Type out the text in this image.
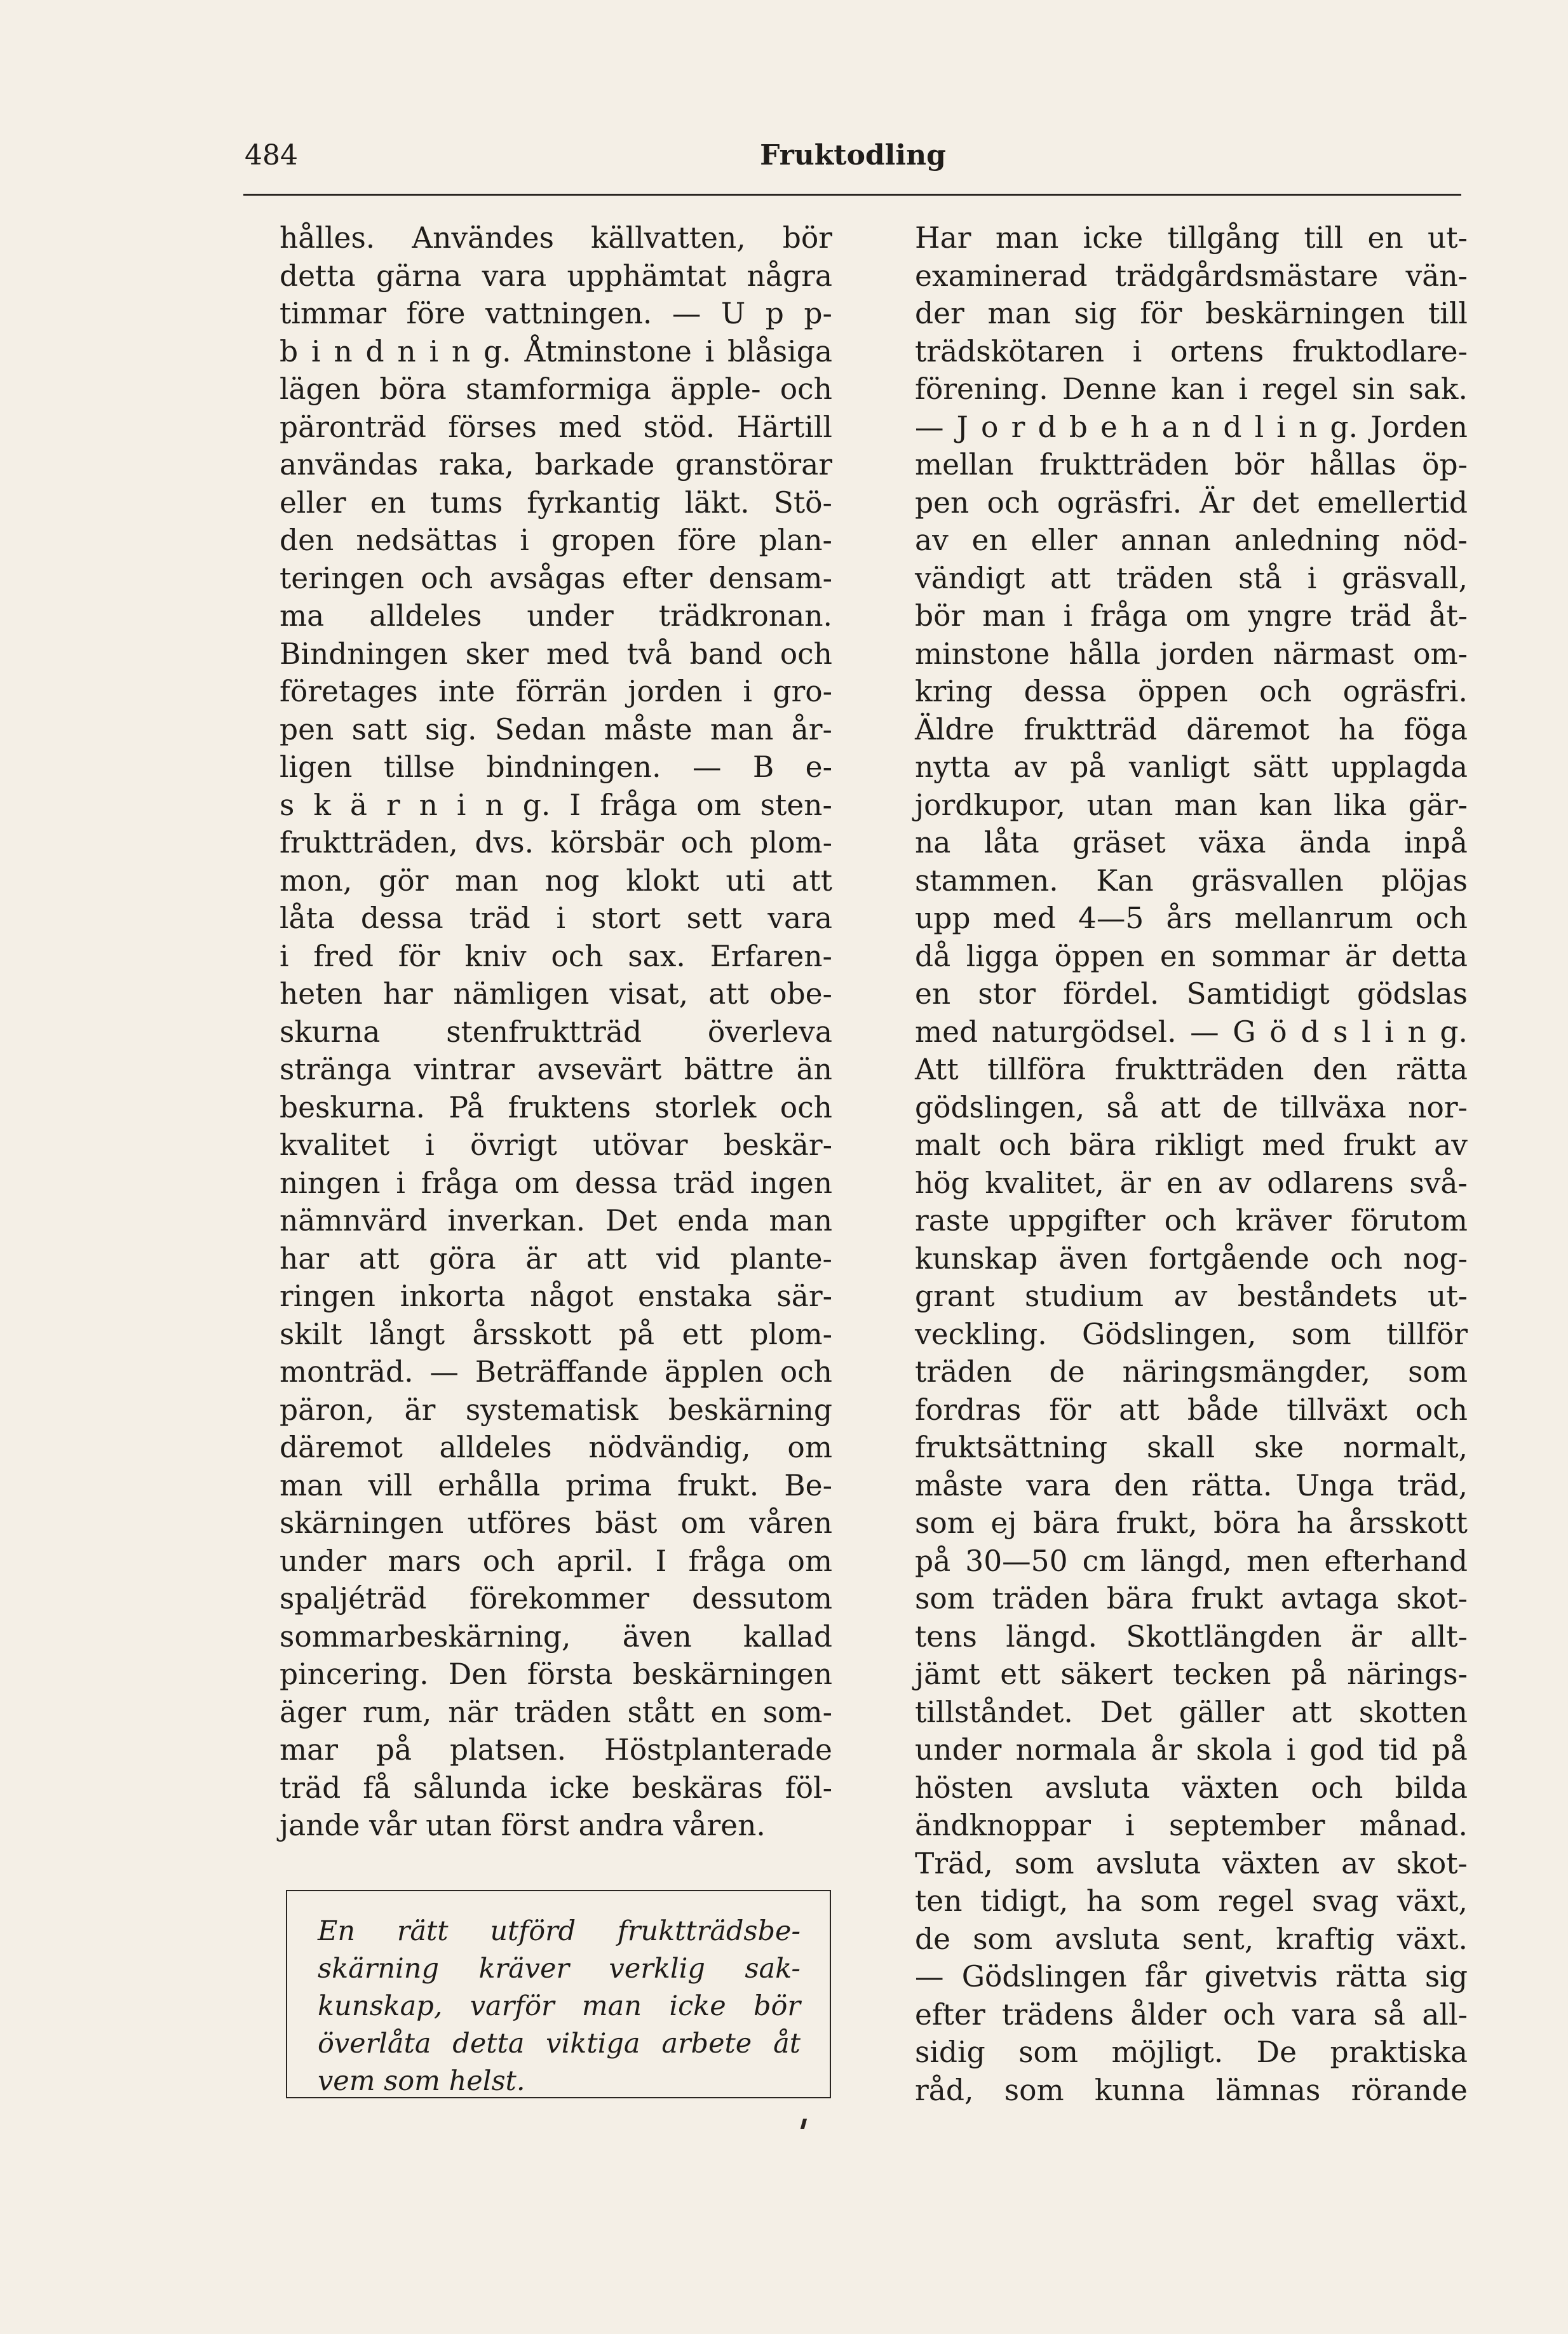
484	Fruktodling
hålles. Användes källvatten, bör
detta gärna vara upphämtat några
timmar före vattningen. — U p p-
b i n d n i n g. Åtminstone i blåsiga
lägen böra stamformiga äpple- och
päronträd förses med stöd. Härtill
användas raka, barkade granstörar
eller en tums fyrkantig läkt. Stö-
den nedsättas i gropen före plan-
teringen och avsågas efter densam-
ma alldeles under trädkronan.
Bindningen sker med två band och
företages inte förrän jorden i gro-
pen satt sig. Sedan måste man år-
ligen tillse bindningen. — B e-
s k ä r n i n g. I fråga om sten-
fruktträden, dvs. körsbär och plom-
mon, gör man nog klokt uti att
låta dessa träd i stort sett vara
i fred för kniv och sax. Erfaren-
heten har nämligen visat, att obe-
skurna stenfruktträd överleva
stränga vintrar avsevärt bättre än
beskurna. På fruktens storlek och
kvalitet i övrigt utövar beskär-
ningen i fråga om dessa träd ingen
nämnvärd inverkan. Det enda man
har att göra är att vid plante-
ringen inkorta något enstaka sär-
skilt långt årsskott på ett plom-
monträd. — Beträffande äpplen och
päron, är systematisk beskärning
däremot alldeles nödvändig, om
man vill erhålla prima frukt. Be-
skärningen utföres bäst om våren
under mars och april. I fråga om
spaljéträd förekommer dessutom
sommarbeskärning, även kallad
pincering. Den första beskärningen
äger rum, när träden stått en som-
mar på platsen. Höstplanterade
träd få sålunda icke beskäras föl-
jande vår utan först andra våren.
Har man icke tillgång till en ut-
examinerad trädgårdsmästare vän-
der man sig för beskärningen till
trädskötaren i ortens fruktodlare-
förening. Denne kan i regel sin sak.
— J o r d b e h a n d l i n g. Jorden
mellan fruktträden bör hållas öp-
pen och ogräsfri. Är det emellertid
av en eller annan anledning nöd-
vändigt att träden stå i gräsvall,
bör man i fråga om yngre träd åt-
minstone hålla jorden närmast om-
kring dessa öppen och ogräsfri.
Äldre fruktträd däremot ha föga
nytta av på vanligt sätt upplagda
jordkupor, utan man kan lika gär-
na låta gräset växa ända inpå
stammen. Kan gräsvallen plöjas
upp med 4—5 års mellanrum och
då ligga öppen en sommar är detta
en stor fördel. Samtidigt gödslas
med naturgödsel. — G ö d s l i n g.
Att tillföra fruktträden den rätta
gödslingen, så att de tillväxa nor-
malt och bära rikligt med frukt av
hög kvalitet, är en av odlarens svå-
raste uppgifter och kräver förutom
kunskap även fortgående och nog-
grant studium av beståndets ut-
veckling. Gödslingen, som tillför
träden de näringsmängder, som
fordras för att både tillväxt och
fruktsättning skall ske normalt,
måste vara den rätta. Unga träd,
som ej bära frukt, böra ha årsskott
på 30—50 cm längd, men efterhand
som träden bära frukt avtaga skot-
tens längd. Skottlängden är allt-
jämt ett säkert tecken på närings-
tillståndet. Det gäller att skotten
under normala år skola i god tid på
hösten avsluta växten och bilda
ändknoppar i september månad.
Träd, som avsluta växten av skot-
ten tidigt, ha som regel svag växt,
de som avsluta sent, kraftig växt.
— Gödslingen får givetvis rätta sig
efter trädens ålder och vara så all-
sidig som möjligt. De praktiska
råd, som kunna lämnas rörande
En rätt utförd fruktträdsbe-
skärning kräver verklig sak-
kunskap, varför man icke bör
överlåta detta viktiga arbete åt
vem som helst.
